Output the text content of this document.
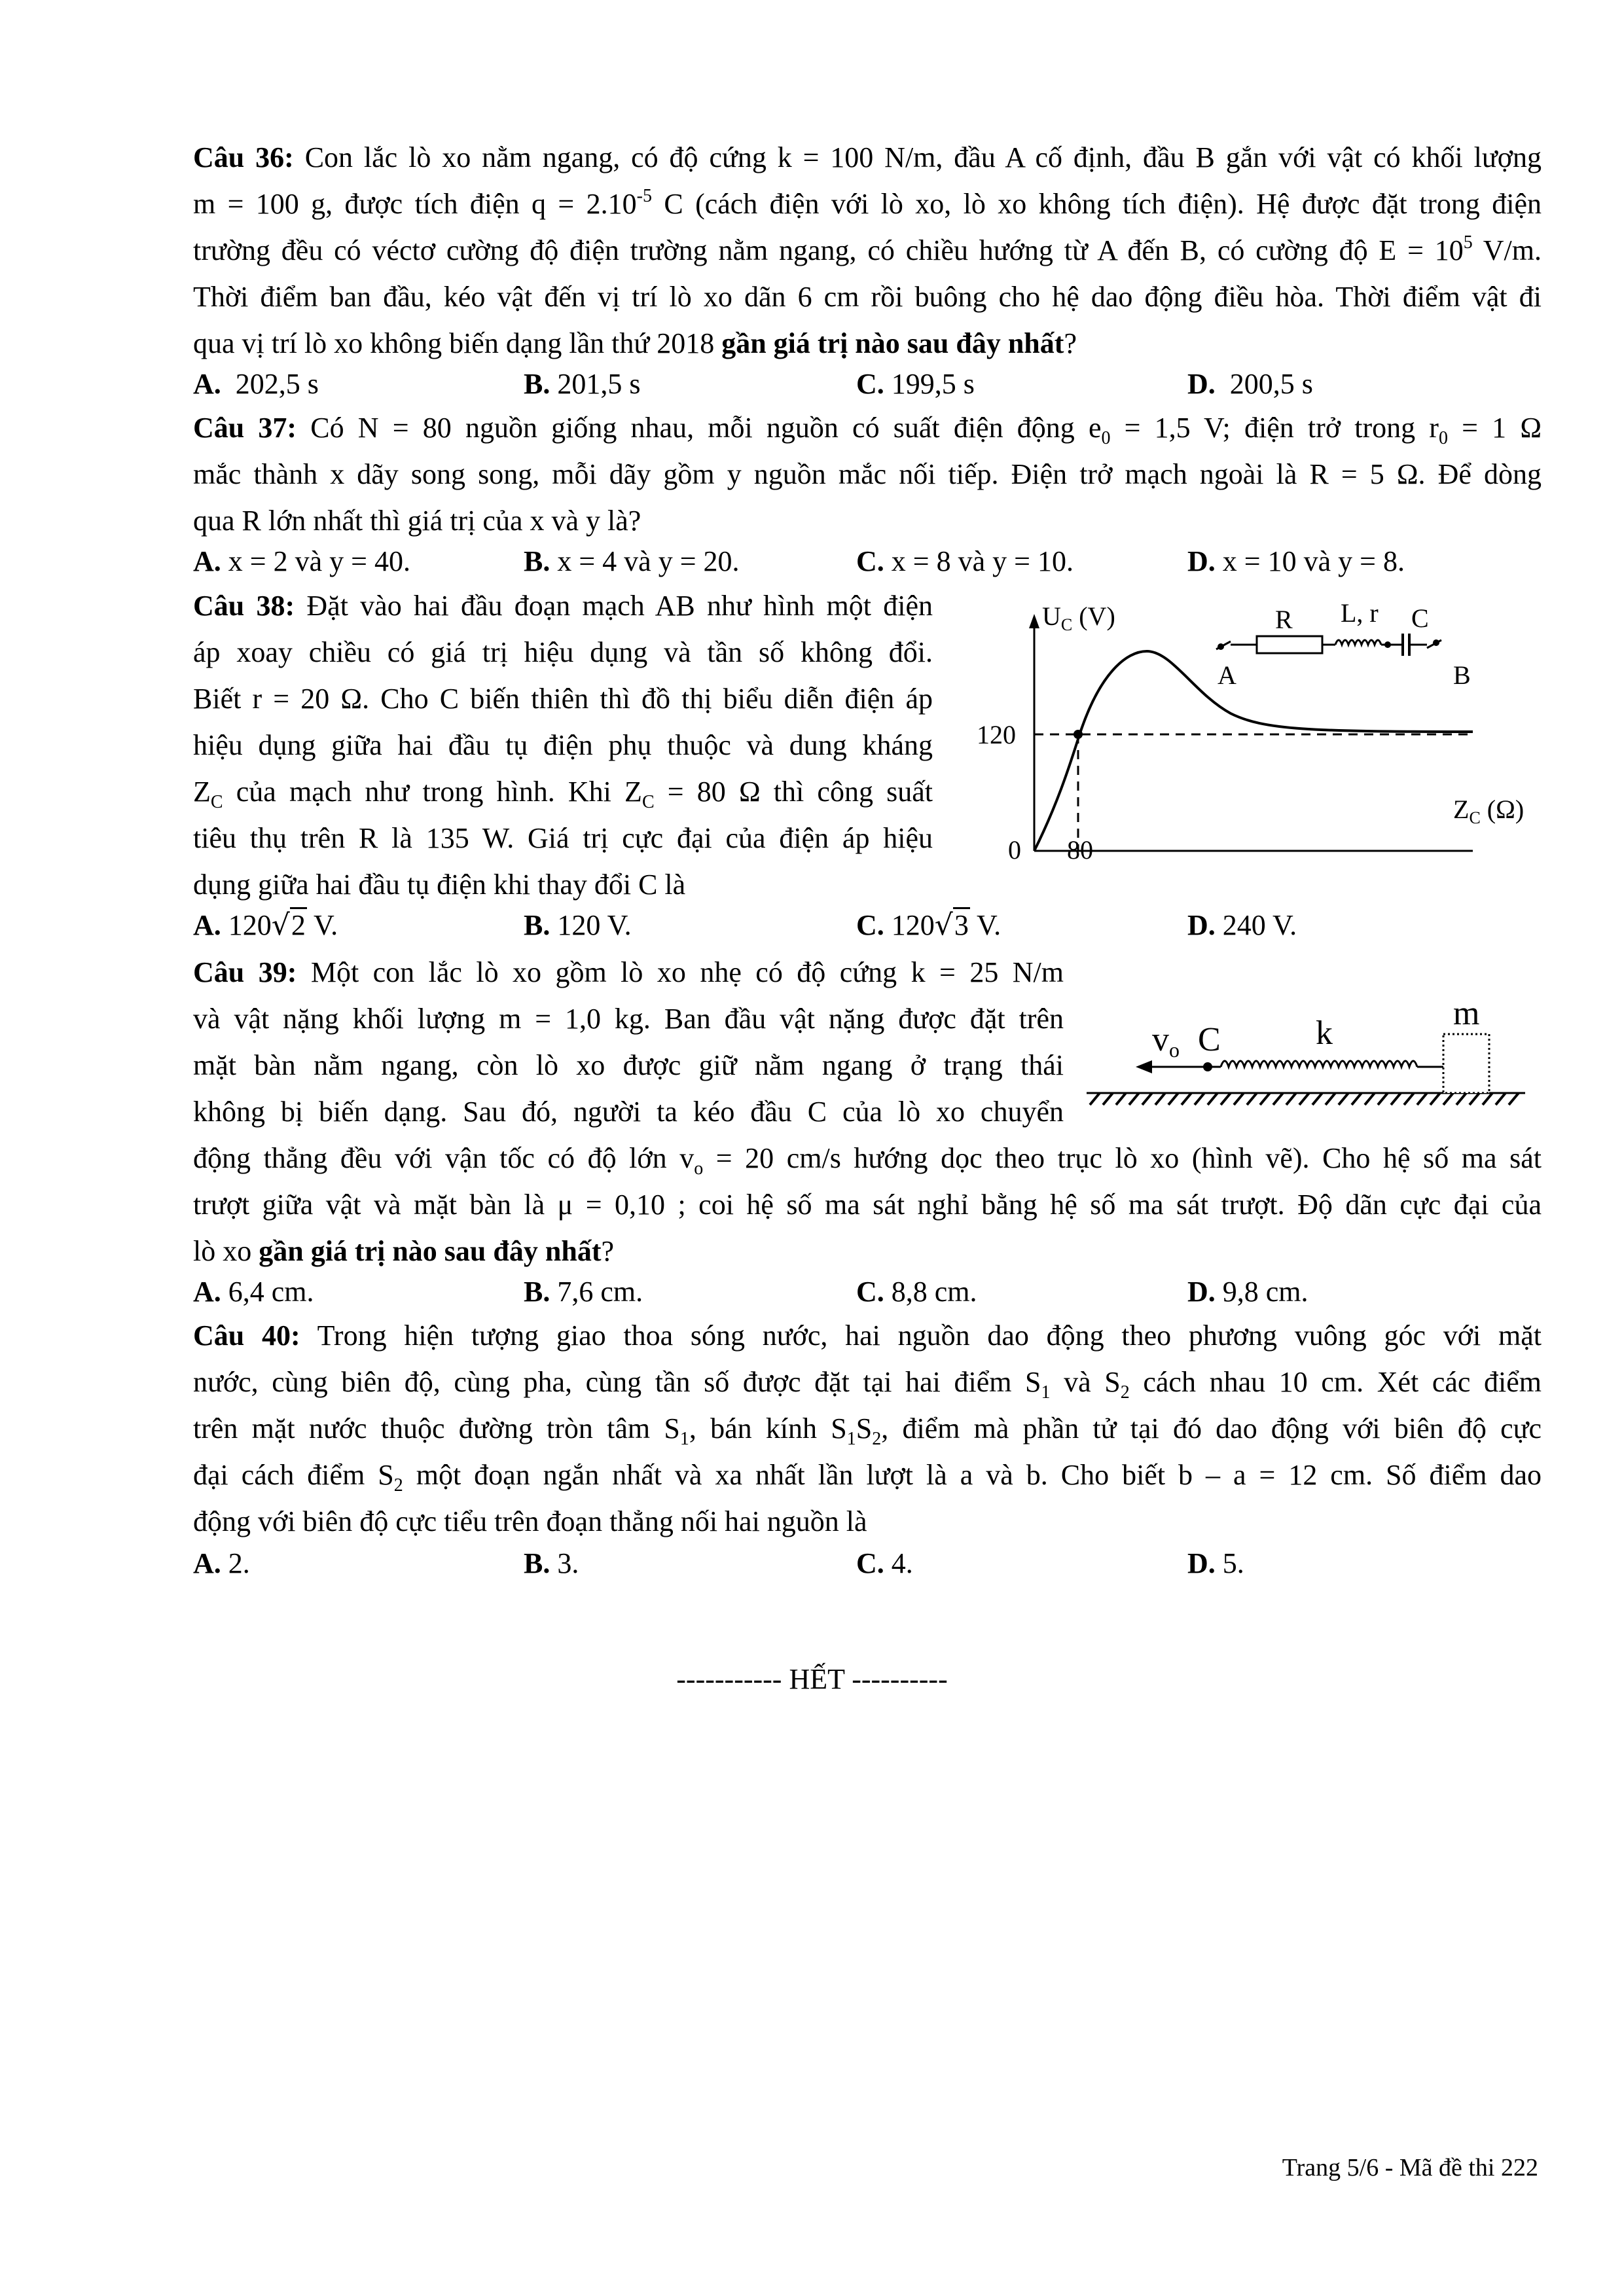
Câu 36: Con lắc lò xo nằm ngang, có độ cứng k = 100 N/m, đầu A cố định, đầu B gắn với vật có khối lượng

m = 100 g, được tích điện $q = 2.10^{-5}$ C (cách điện với lò xo, lò xo không tích điện). Hệ được đặt trong điện

trường đều có véctơ cường độ điện trường nằm ngang, có chiều hướng từ A đến B, có cường độ $E = 10^5$ V/m.

Thời điểm ban đầu, kéo vật đến vị trí lò xo dãn 6 cm rồi buông cho hệ dao động điều hòa. Thời điểm vật đi

qua vị trí lò xo không biến dạng lần thứ 2018 gần giá trị nào sau đây nhất?

A. 202,5 s	B. 201,5 s	C. 199,5 s	D. 200,5 s

Câu 37: Có N = 80 nguồn giống nhau, mỗi nguồn có suất điện động $e_0 = 1,5$ V; điện trở trong $r_0 = 1$ Ω

mắc thành x dãy song song, mỗi dãy gồm y nguồn mắc nối tiếp. Điện trở mạch ngoài là R = 5 Ω. Để dòng

qua R lớn nhất thì giá trị của x và y là?

A. x = 2 và y = 40.	B. x = 4 và y = 20.	C. x = 8 và y = 10.	D. x = 10 và y = 8.

Câu 38: Đặt vào hai đầu đoạn mạch AB như hình một điện

áp xoay chiều có giá trị hiệu dụng và tần số không đổi.

Biết r = 20 Ω. Cho C biến thiên thì đồ thị biểu diễn điện áp

hiệu dụng giữa hai đầu tụ điện phụ thuộc và dung kháng

$Z_C$ của mạch như trong hình. Khi $Z_C = 80$ Ω thì công suất

tiêu thụ trên R là 135 W. Giá trị cực đại của điện áp hiệu

dụng giữa hai đầu tụ điện khi thay đổi C là

$U_C$ (V)
$Z_C$ (Ω)
120
80
0
R L, r C
A	B
A. 120√2 V.	B. 120 V.	C. 120√3 V.	D. 240 V.

Câu 39: Một con lắc lò xo gồm lò xo nhẹ có độ cứng k = 25 N/m

và vật nặng khối lượng m = 1,0 kg. Ban đầu vật nặng được đặt trên

mặt bàn nằm ngang, còn lò xo được giữ nằm ngang ở trạng thái

không bị biến dạng. Sau đó, người ta kéo đầu C của lò xo chuyển

vo C	k
m

động thẳng đều với vận tốc có độ lớn $v_o = 20$ cm/s hướng dọc theo trục lò xo (hình vẽ). Cho hệ số ma sát

trượt giữa vật và mặt bàn là μ = 0,10 ; coi hệ số ma sát nghỉ bằng hệ số ma sát trượt. Độ dãn cực đại của

lò xo gần giá trị nào sau đây nhất?

A. 6,4 cm.	B. 7,6 cm.	C. 8,8 cm.	D. 9,8 cm.

Câu 40: Trong hiện tượng giao thoa sóng nước, hai nguồn dao động theo phương vuông góc với mặt

nước, cùng biên độ, cùng pha, cùng tần số được đặt tại hai điểm $S_1$ và $S_2$ cách nhau 10 cm. Xét các điểm

trên mặt nước thuộc đường tròn tâm $S_1$, bán kính $S_1S_2$, điểm mà phần tử tại đó dao động với biên độ cực

đại cách điểm $S_2$ một đoạn ngắn nhất và xa nhất lần lượt là a và b. Cho biết b – a = 12 cm. Số điểm dao

động với biên độ cực tiểu trên đoạn thẳng nối hai nguồn là

A. 2.	B. 3.	C. 4.	D. 5.
----------- HẾT ----------
Trang 5/6 - Mã đề thi 222
